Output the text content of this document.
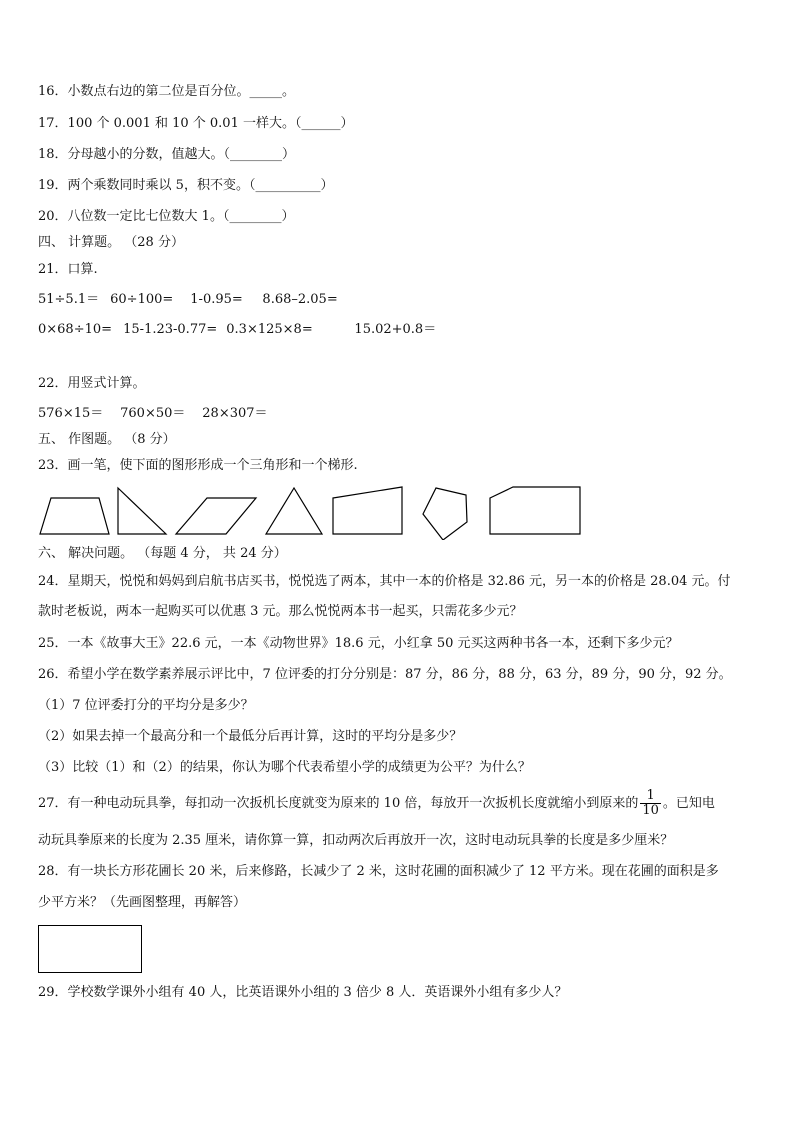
16．小数点右边的第二位是百分位。_____。
17．100 个 0.001 和 10 个 0.01 一样大。（______）
18．分母越小的分数，值越大。（________）
19．两个乘数同时乘以 5，积不变。（__________）
20．八位数一定比七位数大 1。（________）
四、 计算题。 （28 分）
21．口算.
51÷5.1＝ 60÷100= 1-0.95= 8.68–2.05=
0×68÷10= 15-1.23-0.77= 0.3×125×8=	15.02+0.8＝
22．用竖式计算。
576×15＝ 760×50＝ 28×307＝
五、 作图题。 （8 分）
23．画一笔，使下面的图形形成一个三角形和一个梯形.
六、 解决问题。 （每题 4 分， 共 24 分）
24．星期天，悦悦和妈妈到启航书店买书，悦悦选了两本，其中一本的价格是 32.86 元，另一本的价格是 28.04 元。付
款时老板说，两本一起购买可以优惠 3 元。那么悦悦两本书一起买，只需花多少元？
25．一本《故事大王》22.6 元，一本《动物世界》18.6 元，小红拿 50 元买这两种书各一本，还剩下多少元？
26．希望小学在数学素养展示评比中，7 位评委的打分分别是：87 分，86 分，88 分，63 分，89 分，90 分，92 分。
（1）7 位评委打分的平均分是多少？
（2）如果去掉一个最高分和一个最低分后再计算，这时的平均分是多少？
（3）比较（1）和（2）的结果，你认为哪个代表希望小学的成绩更为公平？为什么？
27．有一种电动玩具拳，每扣动一次扳机长度就变为原来的 10 倍，每放开一次扳机长度就缩小到原来的 $\frac{1}{10}$ 。已知电
动玩具拳原来的长度为 2.35 厘米，请你算一算，扣动两次后再放开一次，这时电动玩具拳的长度是多少厘米？
28．有一块长方形花圃长 20 米，后来修路，长减少了 2 米，这时花圃的面积减少了 12 平方米。现在花圃的面积是多
少平方米？（先画图整理，再解答）
29．学校数学课外小组有 40 人，比英语课外小组的 3 倍少 8 人．英语课外小组有多少人？
